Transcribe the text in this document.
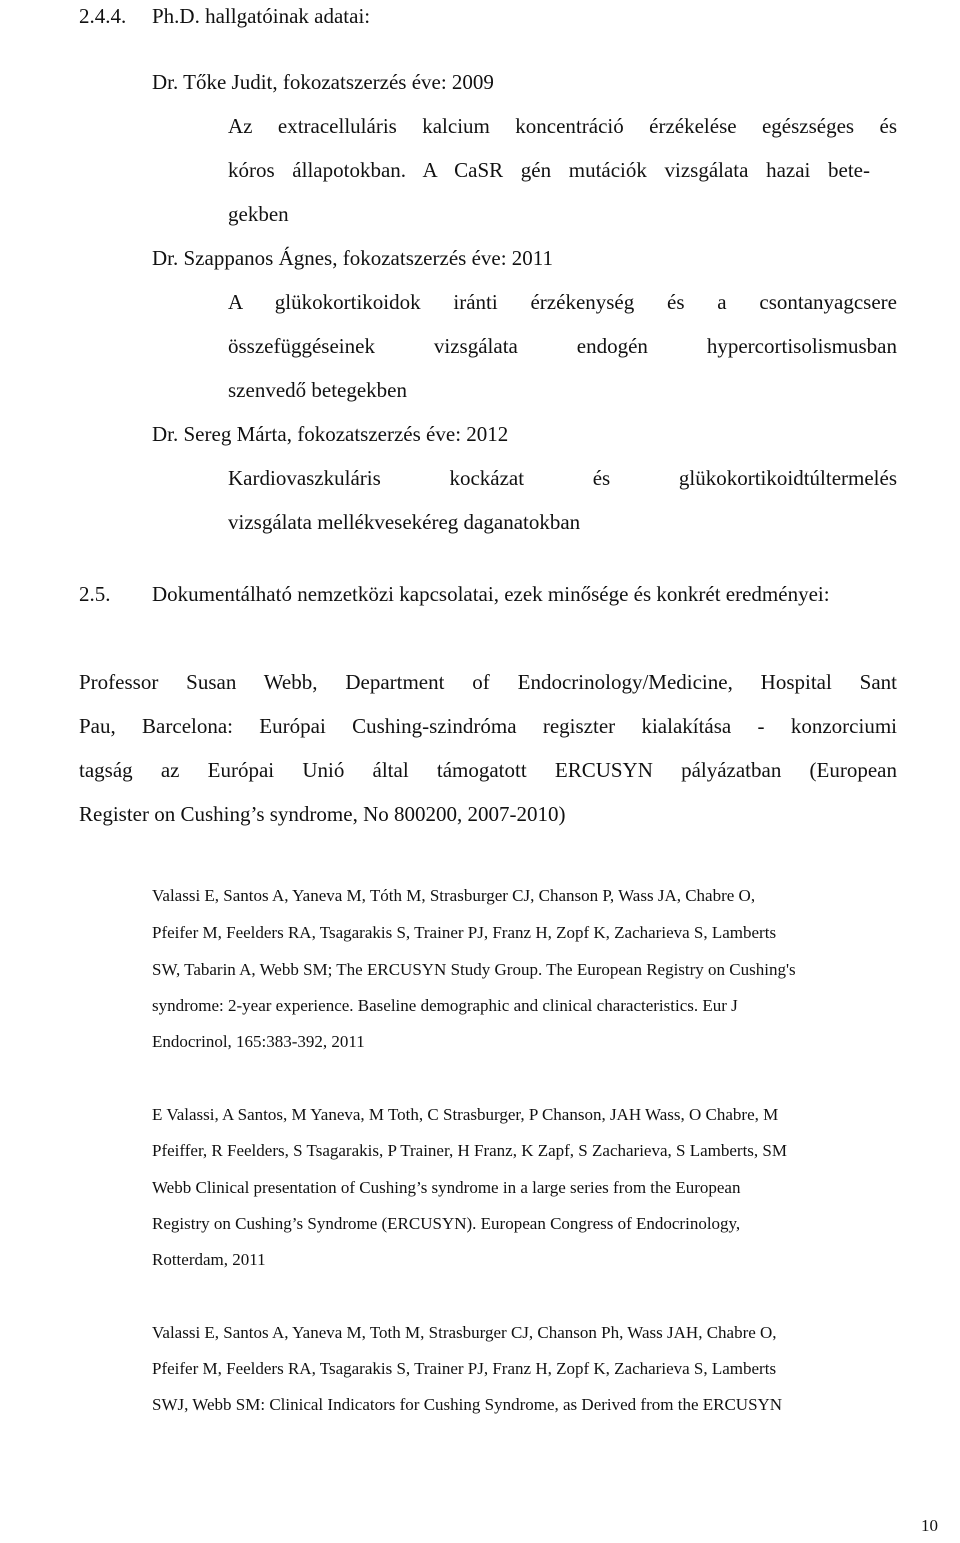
2.4.4. Ph.D. hallgatóinak adatai:
Dr. Tőke Judit, fokozatszerzés éve: 2009
Az extracelluláris kalcium koncentráció érzékelése egészséges és
kóros állapotokban. A CaSR gén mutációk vizsgálata hazai bete-
gekben
Dr. Szappanos Ágnes, fokozatszerzés éve: 2011
A glükokortikoidok iránti érzékenység és a csontanyagcsere
összefüggéseinek vizsgálata endogén hypercortisolismusban
szenvedő betegekben
Dr. Sereg Márta, fokozatszerzés éve: 2012
Kardiovaszkuláris kockázat és glükokortikoidtúltermelés
vizsgálata mellékvesekéreg daganatokban
2.5. Dokumentálható nemzetközi kapcsolatai, ezek minősége és konkrét eredményei:
Professor Susan Webb, Department of Endocrinology/Medicine, Hospital Sant
Pau, Barcelona: Európai Cushing-szindróma regiszter kialakítása - konzorciumi
tagság az Európai Unió által támogatott ERCUSYN pályázatban (European
Register on Cushing’s syndrome, No 800200, 2007-2010)
Valassi E, Santos A, Yaneva M, Tóth M, Strasburger CJ, Chanson P, Wass JA, Chabre O,
Pfeifer M, Feelders RA, Tsagarakis S, Trainer PJ, Franz H, Zopf K, Zacharieva S, Lamberts
SW, Tabarin A, Webb SM; The ERCUSYN Study Group. The European Registry on Cushing's
syndrome: 2-year experience. Baseline demographic and clinical characteristics. Eur J
Endocrinol, 165:383-392, 2011
E Valassi, A Santos, M Yaneva, M Toth, C Strasburger, P Chanson, JAH Wass, O Chabre, M
Pfeiffer, R Feelders, S Tsagarakis, P Trainer, H Franz, K Zapf, S Zacharieva, S Lamberts, SM
Webb Clinical presentation of Cushing’s syndrome in a large series from the European
Registry on Cushing’s Syndrome (ERCUSYN). European Congress of Endocrinology,
Rotterdam, 2011
Valassi E, Santos A, Yaneva M, Toth M, Strasburger CJ, Chanson Ph, Wass JAH, Chabre O,
Pfeifer M, Feelders RA, Tsagarakis S, Trainer PJ, Franz H, Zopf K, Zacharieva S, Lamberts
SWJ, Webb SM: Clinical Indicators for Cushing Syndrome, as Derived from the ERCUSYN
10
